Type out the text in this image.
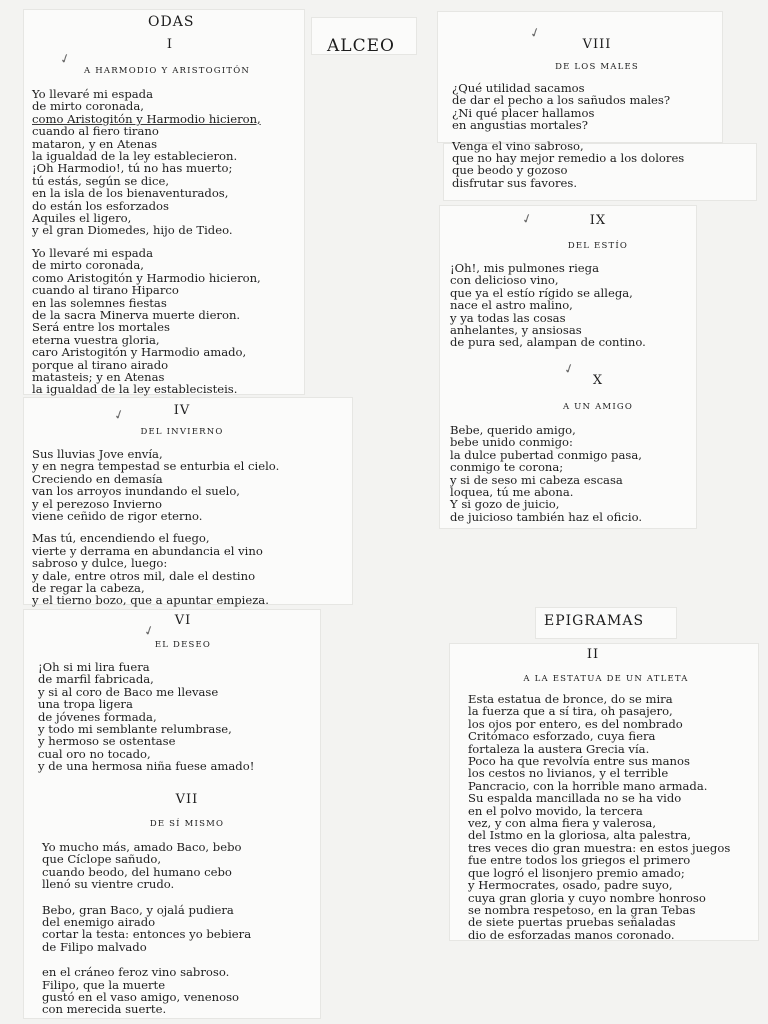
ODAS
ALCEO
EPIGRAMAS
✓
✓
✓
✓
✓
✓
I
A HARMODIO Y ARISTOGITÓN
Yo llevaré mi espada
de mirto coronada,
como Aristogitón y Harmodio hicieron,
cuando al fiero tirano
mataron, y en Atenas
la igualdad de la ley establecieron.
¡Oh Harmodio!, tú no has muerto;
tú estás, según se dice,
en la isla de los bienaventurados,
do están los esforzados
Aquiles el ligero,
y el gran Diomedes, hijo de Tideo.
Yo llevaré mi espada
de mirto coronada,
como Aristogitón y Harmodio hicieron,
cuando al tirano Hiparco
en las solemnes fiestas
de la sacra Minerva muerte dieron.
Será entre los mortales
eterna vuestra gloria,
caro Aristogitón y Harmodio amado,
porque al tirano airado
matasteis; y en Atenas
la igualdad de la ley establecisteis.
IV
DEL INVIERNO
Sus lluvias Jove envía,
y en negra tempestad se enturbia el cielo.
Creciendo en demasía
van los arroyos inundando el suelo,
y el perezoso Invierno
viene ceñido de rigor eterno.
Mas tú, encendiendo el fuego,
vierte y derrama en abundancia el vino
sabroso y dulce, luego:
y dale, entre otros mil, dale el destino
de regar la cabeza,
y el tierno bozo, que a apuntar empieza.
VI
EL DESEO
¡Oh si mi lira fuera
de marfil fabricada,
y si al coro de Baco me llevase
una tropa ligera
de jóvenes formada,
y todo mi semblante relumbrase,
y hermoso se ostentase
cual oro no tocado,
y de una hermosa niña fuese amado!
VII
DE SÍ MISMO
Yo mucho más, amado Baco, bebo
que Cíclope sañudo,
cuando beodo, del humano cebo
llenó su vientre crudo.
Bebo, gran Baco, y ojalá pudiera
del enemigo airado
cortar la testa: entonces yo bebiera
de Filipo malvado
en el cráneo feroz vino sabroso.
Filipo, que la muerte
gustó en el vaso amigo, venenoso
con merecida suerte.
VIII
DE LOS MALES
¿Qué utilidad sacamos
de dar el pecho a los sañudos males?
¿Ni qué placer hallamos
en angustias mortales?
Venga el vino sabroso,
que no hay mejor remedio a los dolores
que beodo y gozoso
disfrutar sus favores.
IX
DEL ESTÍO
¡Oh!, mis pulmones riega
con delicioso vino,
que ya el estío rígido se allega,
nace el astro malino,
y ya todas las cosas
anhelantes, y ansiosas
de pura sed, alampan de contino.
X
A UN AMIGO
Bebe, querido amigo,
bebe unido conmigo:
la dulce pubertad conmigo pasa,
conmigo te corona;
y si de seso mi cabeza escasa
loquea, tú me abona.
Y si gozo de juicio,
de juicioso también haz el oficio.
II
A LA ESTATUA DE UN ATLETA
Esta estatua de bronce, do se mira
la fuerza que a sí tira, oh pasajero,
los ojos por entero, es del nombrado
Critómaco esforzado, cuya fiera
fortaleza la austera Grecia vía.
Poco ha que revolvía entre sus manos
los cestos no livianos, y el terrible
Pancracio, con la horrible mano armada.
Su espalda mancillada no se ha vido
en el polvo movido, la tercera
vez, y con alma fiera y valerosa,
del Istmo en la gloriosa, alta palestra,
tres veces dio gran muestra: en estos juegos
fue entre todos los griegos el primero
que logró el lisonjero premio amado;
y Hermocrates, osado, padre suyo,
cuya gran gloria y cuyo nombre honroso
se nombra respetoso, en la gran Tebas
de siete puertas pruebas señaladas
dio de esforzadas manos coronado.
